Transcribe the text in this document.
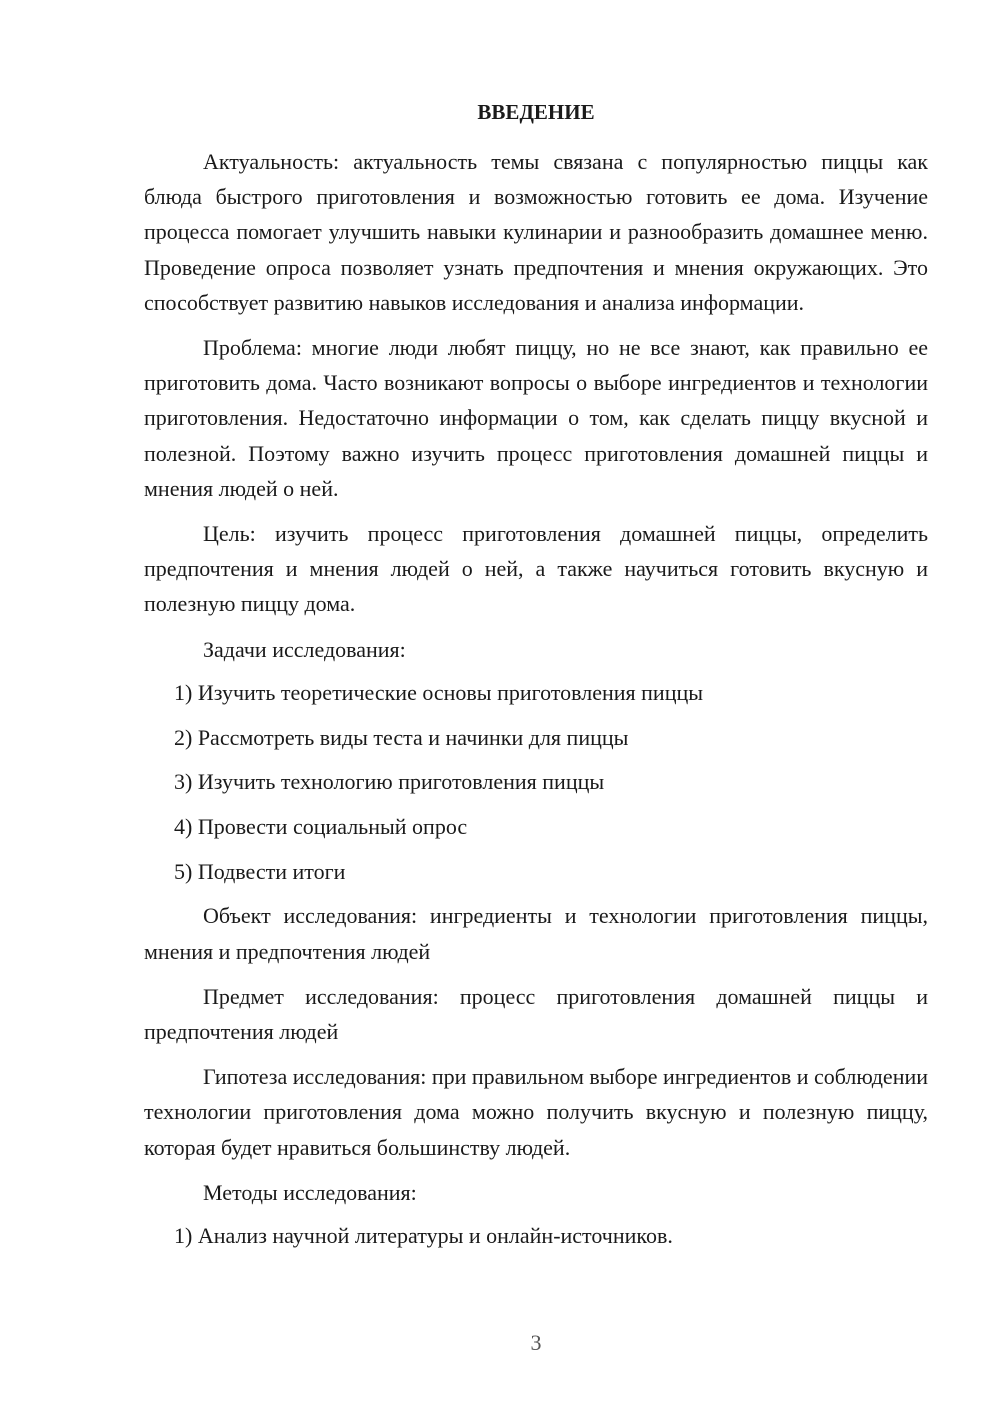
ВВЕДЕНИЕ

Актуальность: актуальность темы связана с популярностью пиццы как блюда быстрого приготовления и возможностью готовить ее дома. Изучение процесса помогает улучшить навыки кулинарии и разнообразить домашнее меню. Проведение опроса позволяет узнать предпочтения и мнения окружающих. Это способствует развитию навыков исследования и анализа информации.

Проблема: многие люди любят пиццу, но не все знают, как правильно ее приготовить дома. Часто возникают вопросы о выборе ингредиентов и технологии приготовления. Недостаточно информации о том, как сделать пиццу вкусной и полезной. Поэтому важно изучить процесс приготовления домашней пиццы и мнения людей о ней.

Цель: изучить процесс приготовления домашней пиццы, определить предпочтения и мнения людей о ней, а также научиться готовить вкусную и полезную пиццу дома.

Задачи исследования:

1) Изучить теоретические основы приготовления пиццы
2) Рассмотреть виды теста и начинки для пиццы
3) Изучить технологию приготовления пиццы
4) Провести социальный опрос
5) Подвести итоги

Объект исследования: ингредиенты и технологии приготовления пиццы, мнения и предпочтения людей

Предмет исследования: процесс приготовления домашней пиццы и предпочтения людей

Гипотеза исследования: при правильном выборе ингредиентов и соблюдении технологии приготовления дома можно получить вкусную и полезную пиццу, которая будет нравиться большинству людей.

Методы исследования:

1) Анализ научной литературы и онлайн-источников.
3
